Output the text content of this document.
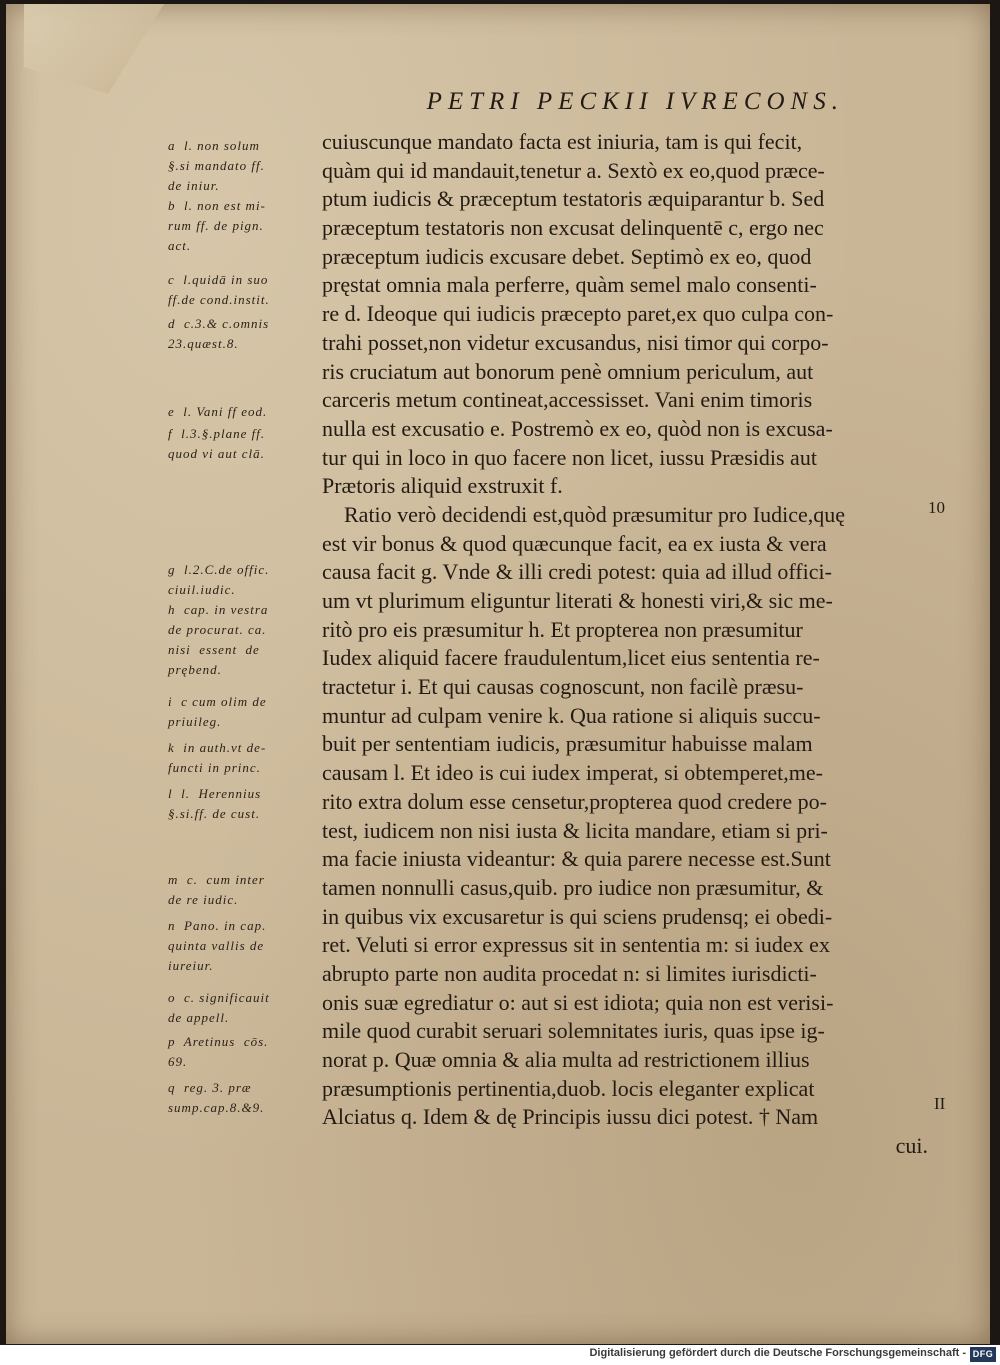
PETRI PECKII IVRECONS.
a  l. non solum
§.si mandato ff.
de iniur.
b  l. non est mi-
rum ff. de pign.
act.
c  l.quidā in suo
ff.de cond.instit.
d  c.3.& c.omnis
23.quæst.8.
e  l. Vani ff eod.
f  l.3.§.plane ff.
quod vi aut clā.
g  l.2.C.de offic.
ciuil.iudic.
h  cap. in vestra
de procurat. ca.
nisi  essent  de
prębend.
i  c cum olim de
priuileg.
k  in auth.vt de-
functi in princ.
l  l.  Herennius
§.si.ff. de cust.
m  c.  cum inter
de re iudic.
n  Pano. in cap.
quinta vallis de
iureiur.
o  c. significauit
de appell.
p  Aretinus  cōs.
69.
q  reg. 3. præ
sump.cap.8.&9.
cuiuscunque mandato facta est iniuria, tam is qui fecit,
quàm qui id mandauit,tenetur a. Sextò ex eo,quod præce-
ptum iudicis & præceptum testatoris æquiparantur b. Sed
præceptum testatoris non excusat delinquentē c, ergo nec
præceptum iudicis excusare debet. Septimò ex eo, quod
pręstat omnia mala perferre, quàm semel malo consenti-
re d. Ideoque qui iudicis præcepto paret,ex quo culpa con-
trahi posset,non videtur excusandus, nisi timor qui corpo-
ris cruciatum aut bonorum penè omnium periculum, aut
carceris metum contineat,accessisset. Vani enim timoris
nulla est excusatio e. Postremò ex eo, quòd non is excusa-
tur qui in loco in quo facere non licet, iussu Præsidis aut
Prætoris aliquid exstruxit f.
Ratio verò decidendi est,quòd præsumitur pro Iudice,quę
est vir bonus & quod quæcunque facit, ea ex iusta & vera
causa facit g. Vnde & illi credi potest: quia ad illud offici-
um vt plurimum eliguntur literati & honesti viri,& sic me-
ritò pro eis præsumitur h. Et propterea non præsumitur
Iudex aliquid facere fraudulentum,licet eius sententia re-
tractetur i. Et qui causas cognoscunt, non facilè præsu-
muntur ad culpam venire k. Qua ratione si aliquis succu-
buit per sententiam iudicis, præsumitur habuisse malam
causam l. Et ideo is cui iudex imperat, si obtemperet,me-
rito extra dolum esse censetur,propterea quod credere po-
test, iudicem non nisi iusta & licita mandare, etiam si pri-
ma facie iniusta videantur: & quia parere necesse est.Sunt
tamen nonnulli casus,quib. pro iudice non præsumitur, &
in quibus vix excusaretur is qui sciens prudensq; ei obedi-
ret. Veluti si error expressus sit in sententia m: si iudex ex
abrupto parte non audita procedat n: si limites iurisdicti-
onis suæ egrediatur o: aut si est idiota; quia non est verisi-
mile quod curabit seruari solemnitates iuris, quas ipse ig-
norat p. Quæ omnia & alia multa ad restrictionem illius
præsumptionis pertinentia,duob. locis eleganter explicat
Alciatus q. Idem & dę Principis iussu dici potest. † Nam
cui.
10
II
Digitalisierung gefördert durch die Deutsche Forschungsgemeinschaft - DFG
